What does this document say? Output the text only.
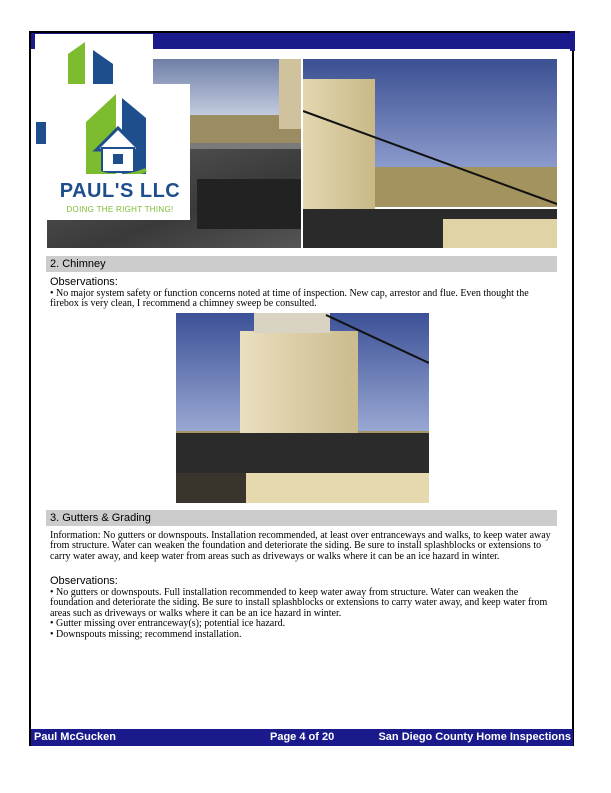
PAUL'S LLC
DOING THE RIGHT THING!
2. Chimney
Observations:

• No major system safety or function concerns noted at time of inspection. New cap, arrestor and flue. Even thought the firebox is very clean, I recommend a chimney sweep be consulted.

3. Gutters & Grading
Information: No gutters or downspouts. Installation recommended, at least over entranceways and walks, to keep water away from structure. Water can weaken the foundation and deteriorate the siding. Be sure to install splashblocks or extensions to carry water away, and keep water from areas such as driveways or walks where it can be an ice hazard in winter.
Observations:

• No gutters or downspouts. Full installation recommended to keep water away from structure. Water can weaken the foundation and deteriorate the siding. Be sure to install splashblocks or extensions to carry water away, and keep water from areas such as driveways or walks where it can be an ice hazard in winter.

• Gutter missing over entranceway(s); potential ice hazard.

• Downspouts missing; recommend installation.

Paul McGucken	Page 4 of 20	San Diego County Home Inspections
